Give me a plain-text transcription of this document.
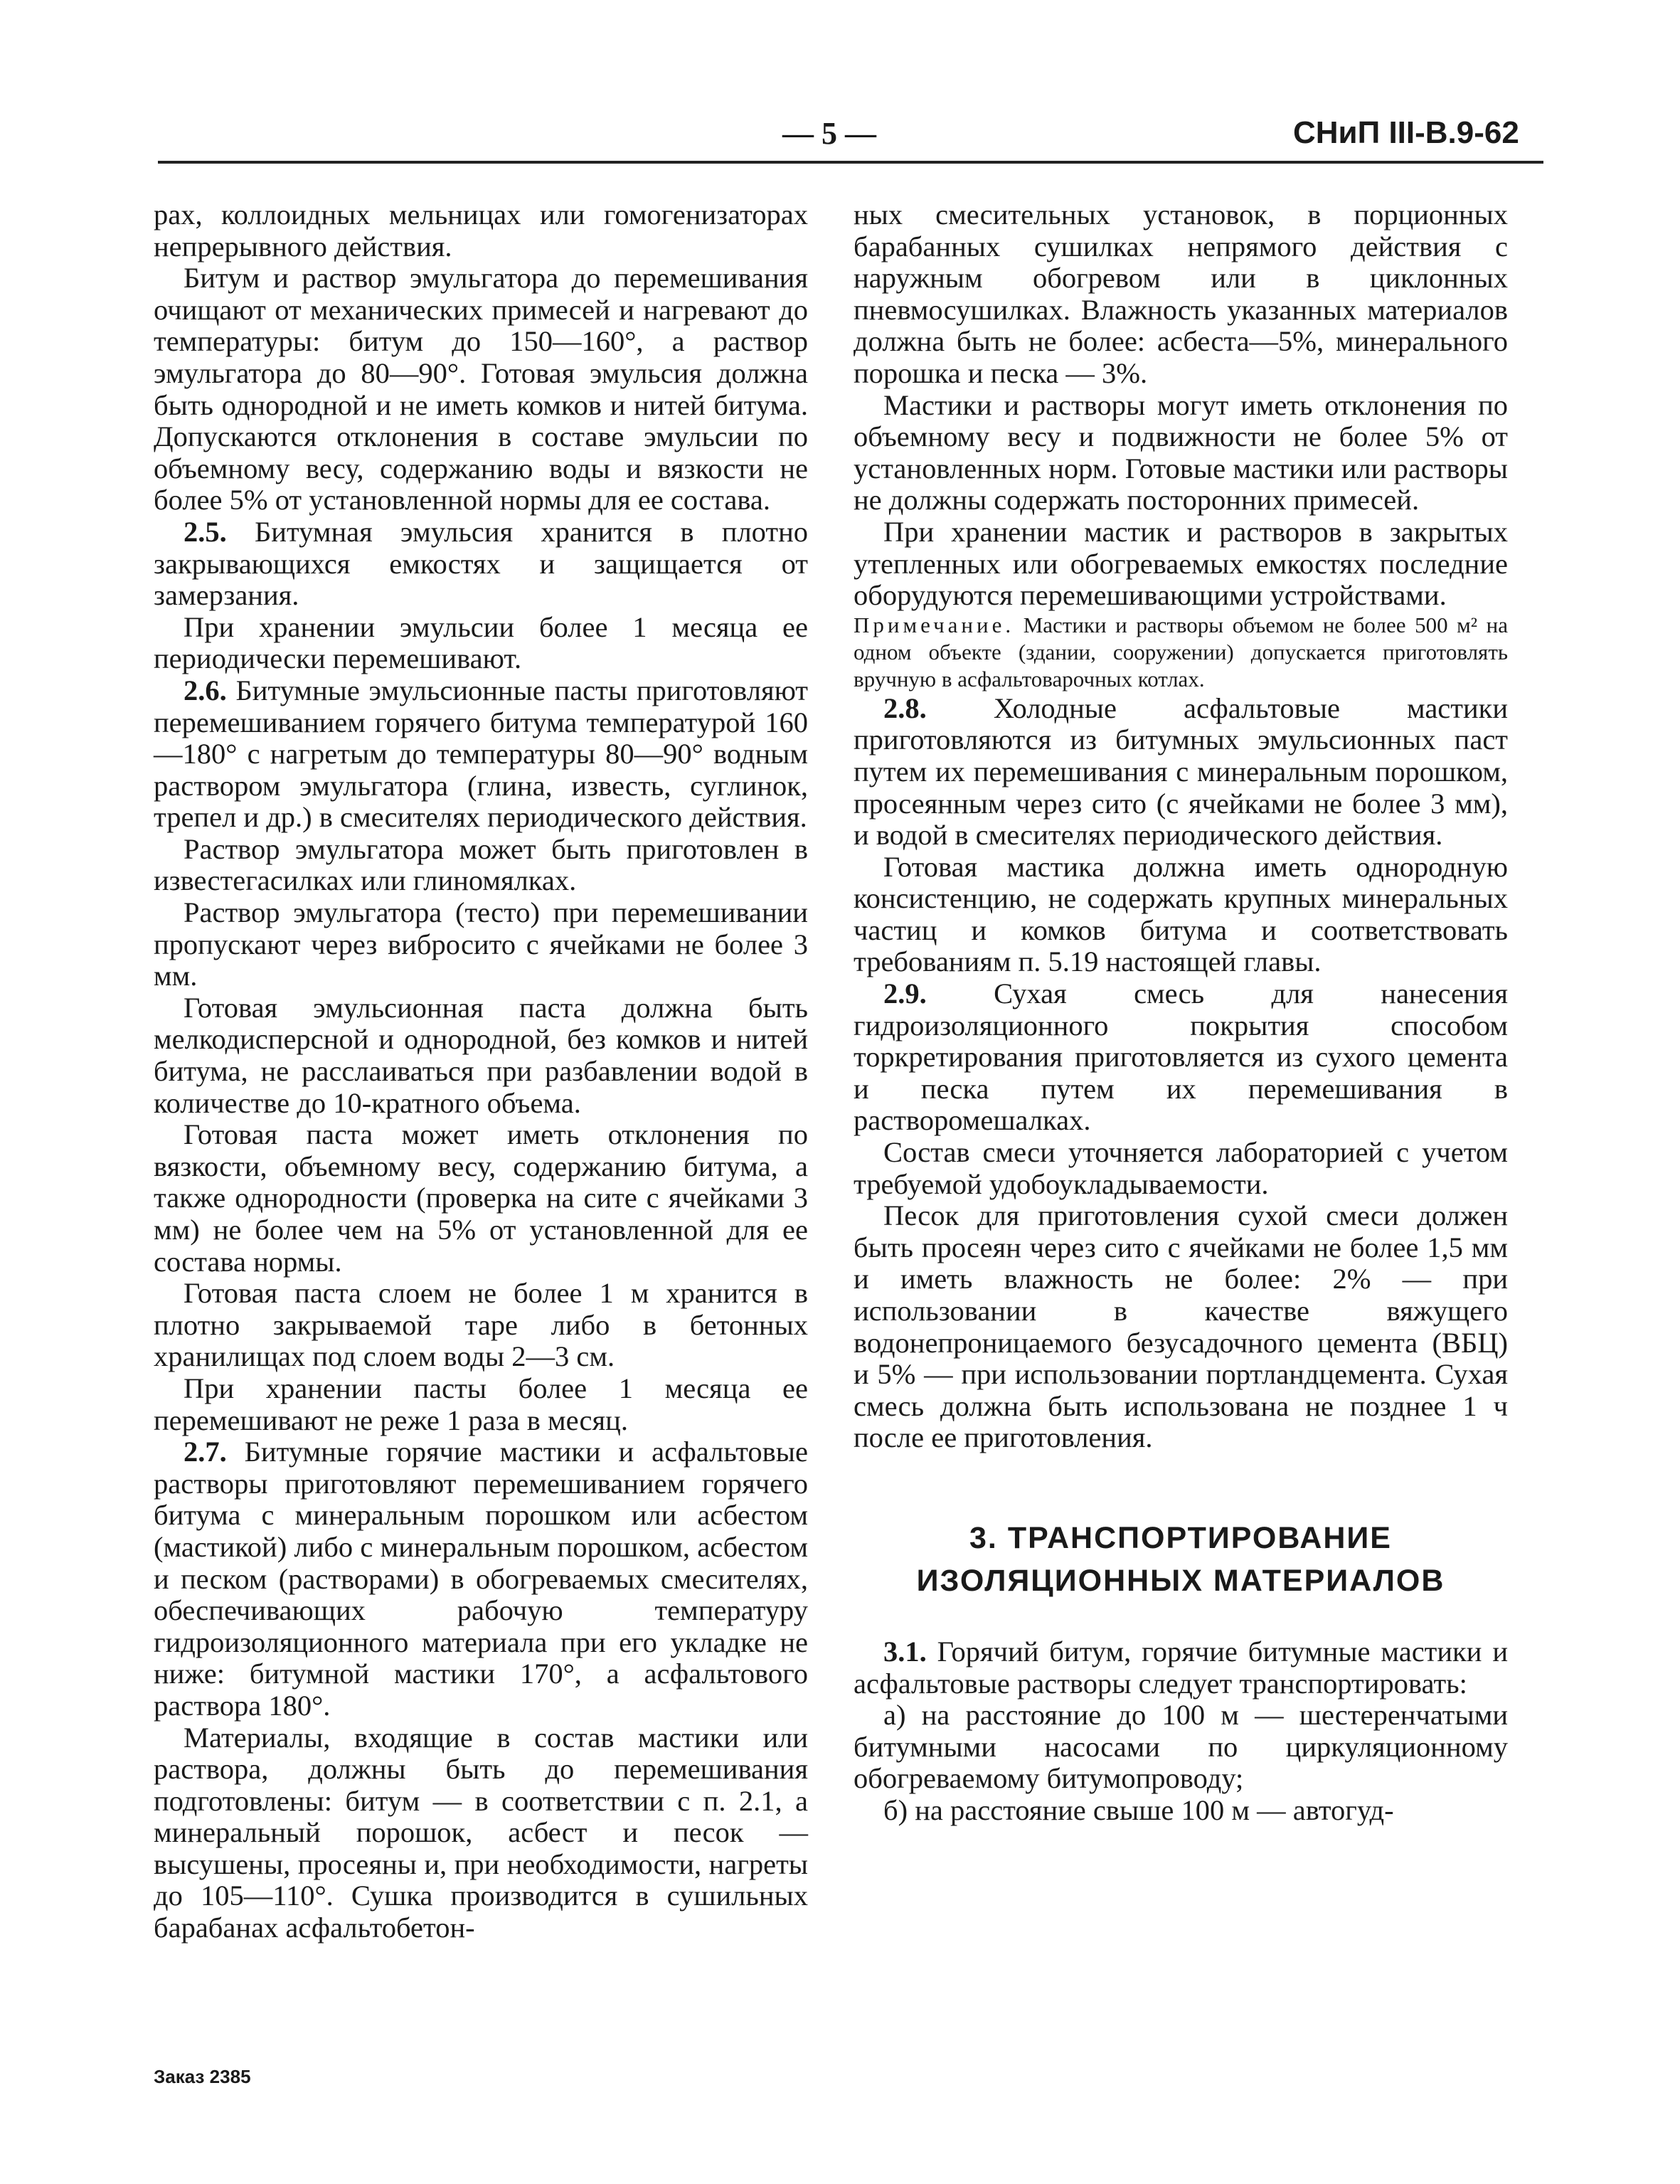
— 5 —	СНиП III-В.9-62

рах, коллоидных мельницах или гомогенизаторах непрерывного действия.

Битум и раствор эмульгатора до перемешивания очищают от механических примесей и нагревают до температуры: битум до 150—160°, а раствор эмульгатора до 80—90°. Готовая эмульсия должна быть однородной и не иметь комков и нитей битума. Допускаются отклонения в составе эмульсии по объемному весу, содержанию воды и вязкости не более 5% от установленной нормы для ее состава.

2.5. Битумная эмульсия хранится в плотно закрывающихся емкостях и защищается от замерзания.

При хранении эмульсии более 1 месяца ее периодически перемешивают.

2.6. Битумные эмульсионные пасты приготовляют перемешиванием горячего битума температурой 160—180° с нагретым до температуры 80—90° водным раствором эмульгатора (глина, известь, суглинок, трепел и др.) в смесителях периодического действия.

Раствор эмульгатора может быть приготовлен в известегасилках или глиномялках.

Раствор эмульгатора (тесто) при перемешивании пропускают через вибросито с ячейками не более 3 мм.

Готовая эмульсионная паста должна быть мелкодисперсной и однородной, без комков и нитей битума, не расслаиваться при разбавлении водой в количестве до 10-кратного объема.

Готовая паста может иметь отклонения по вязкости, объемному весу, содержанию битума, а также однородности (проверка на сите с ячейками 3 мм) не более чем на 5% от установленной для ее состава нормы.

Готовая паста слоем не более 1 м хранится в плотно закрываемой таре либо в бетонных хранилищах под слоем воды 2—3 см.

При хранении пасты более 1 месяца ее перемешивают не реже 1 раза в месяц.

2.7. Битумные горячие мастики и асфальтовые растворы приготовляют перемешиванием горячего битума с минеральным порошком или асбестом (мастикой) либо с минеральным порошком, асбестом и песком (растворами) в обогреваемых смесителях, обеспечивающих рабочую температуру гидроизоляционного материала при его укладке не ниже: битумной мастики 170°, а асфальтового раствора 180°.

Материалы, входящие в состав мастики или раствора, должны быть до перемешивания подготовлены: битум — в соответствии с п. 2.1, а минеральный порошок, асбест и песок — высушены, просеяны и, при необходимости, нагреты до 105—110°. Сушка производится в сушильных барабанах асфальтобетон-

ных смесительных установок, в порционных барабанных сушилках непрямого действия с наружным обогревом или в циклонных пневмосушилках. Влажность указанных материалов должна быть не более: асбеста—5%, минерального порошка и песка — 3%.

Мастики и растворы могут иметь отклонения по объемному весу и подвижности не более 5% от установленных норм. Готовые мастики или растворы не должны содержать посторонних примесей.

При хранении мастик и растворов в закрытых утепленных или обогреваемых емкостях последние оборудуются перемешивающими устройствами.

Примечание. Мастики и растворы объемом не более 500 м² на одном объекте (здании, сооружении) допускается приготовлять вручную в асфальтоварочных котлах.

2.8. Холодные асфальтовые мастики приготовляются из битумных эмульсионных паст путем их перемешивания с минеральным порошком, просеянным через сито (с ячейками не более 3 мм), и водой в смесителях периодического действия.

Готовая мастика должна иметь однородную консистенцию, не содержать крупных минеральных частиц и комков битума и соответствовать требованиям п. 5.19 настоящей главы.

2.9. Сухая смесь для нанесения гидроизоляционного покрытия способом торкретирования приготовляется из сухого цемента и песка путем их перемешивания в растворомешалках.

Состав смеси уточняется лабораторией с учетом требуемой удобоукладываемости.

Песок для приготовления сухой смеси должен быть просеян через сито с ячейками не более 1,5 мм и иметь влажность не более: 2% — при использовании в качестве вяжущего водонепроницаемого безусадочного цемента (ВБЦ) и 5% — при использовании портландцемента. Сухая смесь должна быть использована не позднее 1 ч после ее приготовления.

3. ТРАНСПОРТИРОВАНИЕ
ИЗОЛЯЦИОННЫХ МАТЕРИАЛОВ

3.1. Горячий битум, горячие битумные мастики и асфальтовые растворы следует транспортировать:

а) на расстояние до 100 м — шестеренчатыми битумными насосами по циркуляционному обогреваемому битумопроводу;

б) на расстояние свыше 100 м — автогуд-

Заказ 2385
